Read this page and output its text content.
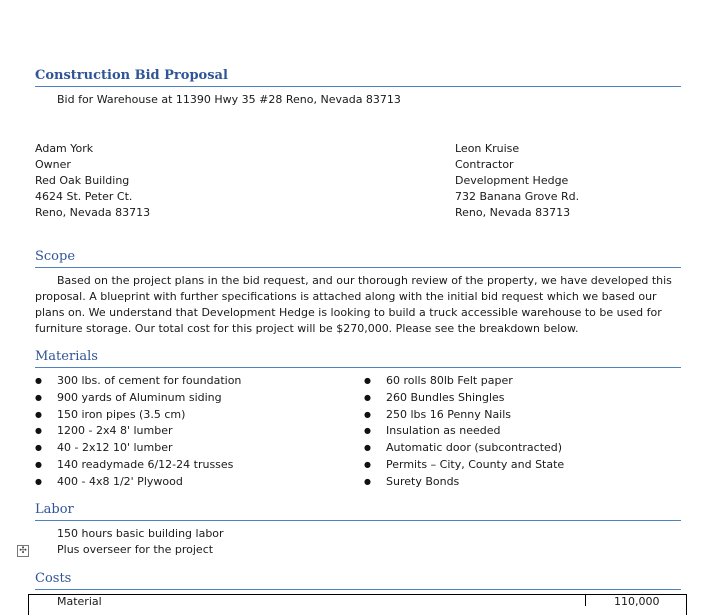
Construction Bid Proposal
Bid for Warehouse at 11390 Hwy 35 #28 Reno, Nevada 83713
Adam York
Owner
Red Oak Building
4624 St. Peter Ct.
Reno, Nevada 83713
Leon Kruise
Contractor
Development Hedge
732 Banana Grove Rd.
Reno, Nevada 83713
Scope
Based on the project plans in the bid request, and our thorough review of the property, we have developed this proposal. A blueprint with further specifications is attached along with the initial bid request which we based our plans on. We understand that Development Hedge is looking to build a truck accessible warehouse to be used for furniture storage. Our total cost for this project will be $270,000. Please see the breakdown below.
Materials
● 300 lbs. of cement for foundation
● 900 yards of Aluminum siding
● 150 iron pipes (3.5 cm)
● 1200 - 2x4 8' lumber
● 40 - 2x12 10' lumber
● 140 readymade 6/12-24 trusses
● 400 - 4x8 1/2' Plywood
● 60 rolls 80lb Felt paper
● 260 Bundles Shingles
● 250 lbs 16 Penny Nails
● Insulation as needed
● Automatic door (subcontracted)
● Permits – City, County and State
● Surety Bonds
Labor
150 hours basic building labor
Plus overseer for the project
✣
Costs
Material	110,000
